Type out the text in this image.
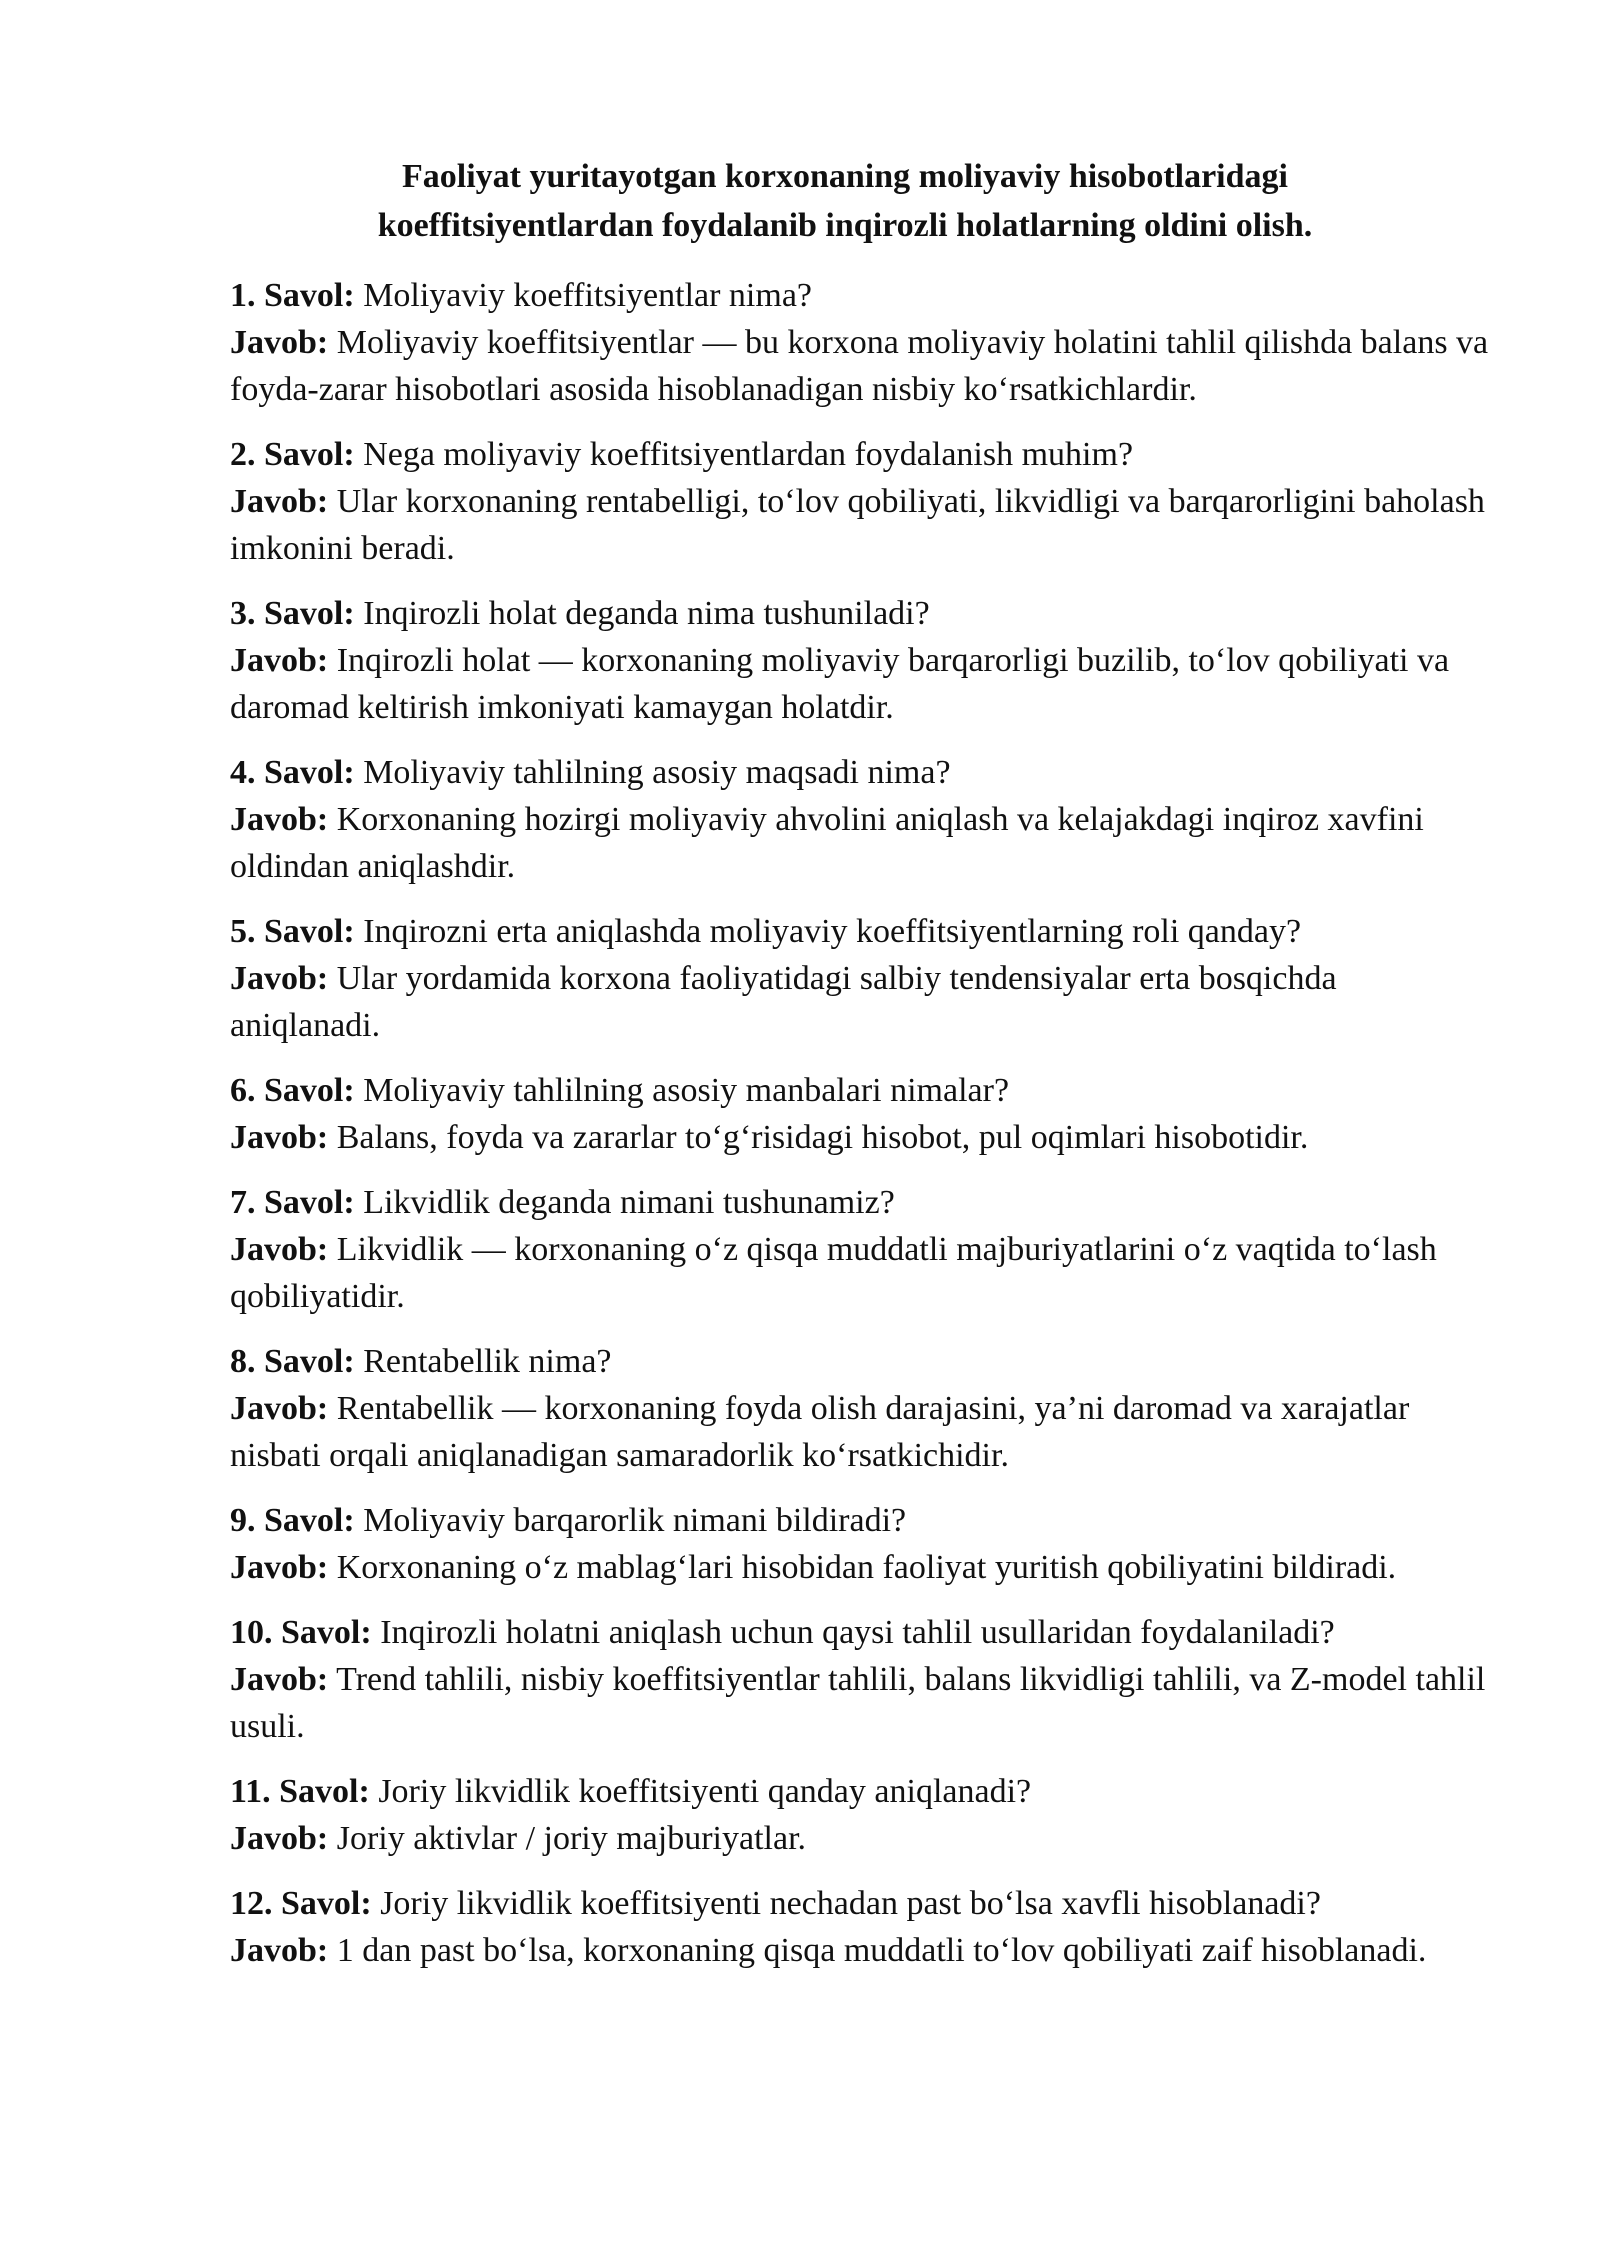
Faoliyat yuritayotgan korxonaning moliyaviy hisobotlaridagi
koeffitsiyentlardan foydalanib inqirozli holatlarning oldini olish.

1. Savol: Moliyaviy koeffitsiyentlar nima?

Javob: Moliyaviy koeffitsiyentlar — bu korxona moliyaviy holatini tahlil qilishda balans va foyda-zarar hisobotlari asosida hisoblanadigan nisbiy ko‘rsatkichlardir.

2. Savol: Nega moliyaviy koeffitsiyentlardan foydalanish muhim?

Javob: Ular korxonaning rentabelligi, to‘lov qobiliyati, likvidligi va barqarorligini baholash imkonini beradi.

3. Savol: Inqirozli holat deganda nima tushuniladi?

Javob: Inqirozli holat — korxonaning moliyaviy barqarorligi buzilib, to‘lov qobiliyati va daromad keltirish imkoniyati kamaygan holatdir.

4. Savol: Moliyaviy tahlilning asosiy maqsadi nima?

Javob: Korxonaning hozirgi moliyaviy ahvolini aniqlash va kelajakdagi inqiroz xavfini oldindan aniqlashdir.

5. Savol: Inqirozni erta aniqlashda moliyaviy koeffitsiyentlarning roli qanday?

Javob: Ular yordamida korxona faoliyatidagi salbiy tendensiyalar erta bosqichda aniqlanadi.

6. Savol: Moliyaviy tahlilning asosiy manbalari nimalar?

Javob: Balans, foyda va zararlar to‘g‘risidagi hisobot, pul oqimlari hisobotidir.

7. Savol: Likvidlik deganda nimani tushunamiz?

Javob: Likvidlik — korxonaning o‘z qisqa muddatli majburiyatlarini o‘z vaqtida to‘lash qobiliyatidir.

8. Savol: Rentabellik nima?

Javob: Rentabellik — korxonaning foyda olish darajasini, ya’ni daromad va xarajatlar nisbati orqali aniqlanadigan samaradorlik ko‘rsatkichidir.

9. Savol: Moliyaviy barqarorlik nimani bildiradi?

Javob: Korxonaning o‘z mablag‘lari hisobidan faoliyat yuritish qobiliyatini bildiradi.

10. Savol: Inqirozli holatni aniqlash uchun qaysi tahlil usullaridan foydalaniladi?

Javob: Trend tahlili, nisbiy koeffitsiyentlar tahlili, balans likvidligi tahlili, va Z-model tahlil usuli.

11. Savol: Joriy likvidlik koeffitsiyenti qanday aniqlanadi?

Javob: Joriy aktivlar / joriy majburiyatlar.

12. Savol: Joriy likvidlik koeffitsiyenti nechadan past bo‘lsa xavfli hisoblanadi?

Javob: 1 dan past bo‘lsa, korxonaning qisqa muddatli to‘lov qobiliyati zaif hisoblanadi.
